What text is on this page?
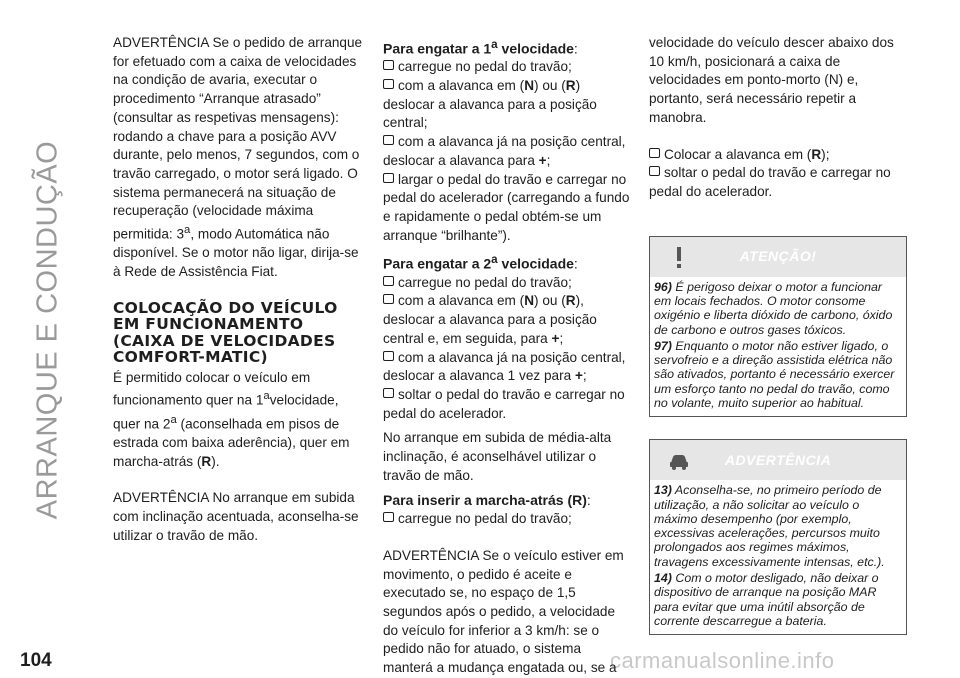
ARRANQUE E CONDUÇÃO
104	carmanualsonline.info

ADVERTÊNCIA Se o pedido de arranque for efetuado com a caixa de velocidades na condição de avaria, executar o procedimento “Arranque atrasado” (consultar as respetivas mensagens): rodando a chave para a posição AVV durante, pelo menos, 7 segundos, com o travão carregado, o motor será ligado. O sistema permanecerá na situação de recuperação (velocidade máxima permitida: 3$^a$, modo Automática não disponível. Se o motor não ligar, dirija-se à Rede de Assistência Fiat.

COLOCAÇÃO DO VEÍCULO EM FUNCIONAMENTO (CAIXA DE VELOCIDADES COMFORT-MATIC)

É permitido colocar o veículo em funcionamento quer na 1$^a$velocidade, quer na 2$^a$ (aconselhada em pisos de estrada com baixa aderência), quer em marcha-atrás (R).

ADVERTÊNCIA No arranque em subida com inclinação acentuada, aconselha-se utilizar o travão de mão.

Para engatar a 1$^a$ velocidade:
carregue no pedal do travão;
com a alavanca em (N) ou (R) deslocar a alavanca para a posição central;
com a alavanca já na posição central, deslocar a alavanca para +;
largar o pedal do travão e carregar no pedal do acelerador (carregando a fundo e rapidamente o pedal obtém-se um arranque “brilhante”).
Para engatar a 2$^a$ velocidade:
carregue no pedal do travão;
com a alavanca em (N) ou (R), deslocar a alavanca para a posição central e, em seguida, para +;
com a alavanca já na posição central, deslocar a alavanca 1 vez para +;
soltar o pedal do travão e carregar no pedal do acelerador.

No arranque em subida de média-alta inclinação, é aconselhável utilizar o travão de mão.

Para inserir a marcha-atrás (R):
carregue no pedal do travão;

ADVERTÊNCIA Se o veículo estiver em movimento, o pedido é aceite e executado se, no espaço de 1,5 segundos após o pedido, a velocidade do veículo for inferior a 3 km/h: se o pedido não for atuado, o sistema manterá a mudança engatada ou, se a

velocidade do veículo descer abaixo dos 10 km/h, posicionará a caixa de velocidades em ponto-morto (N) e, portanto, será necessário repetir a manobra.

Colocar a alavanca em (R);
soltar o pedal do travão e carregar no pedal do acelerador.
ATENÇÃO!

96) É perigoso deixar o motor a funcionar em locais fechados. O motor consome oxigénio e liberta dióxido de carbono, óxido de carbono e outros gases tóxicos.

97) Enquanto o motor não estiver ligado, o servofreio e a direção assistida elétrica não são ativados, portanto é necessário exercer um esforço tanto no pedal do travão, como no volante, muito superior ao habitual.

ADVERTÊNCIA

13) Aconselha-se, no primeiro período de utilização, a não solicitar ao veículo o máximo desempenho (por exemplo, excessivas acelerações, percursos muito prolongados aos regimes máximos, travagens excessivamente intensas, etc.).

14) Com o motor desligado, não deixar o dispositivo de arranque na posição MAR para evitar que uma inútil absorção de corrente descarregue a bateria.
